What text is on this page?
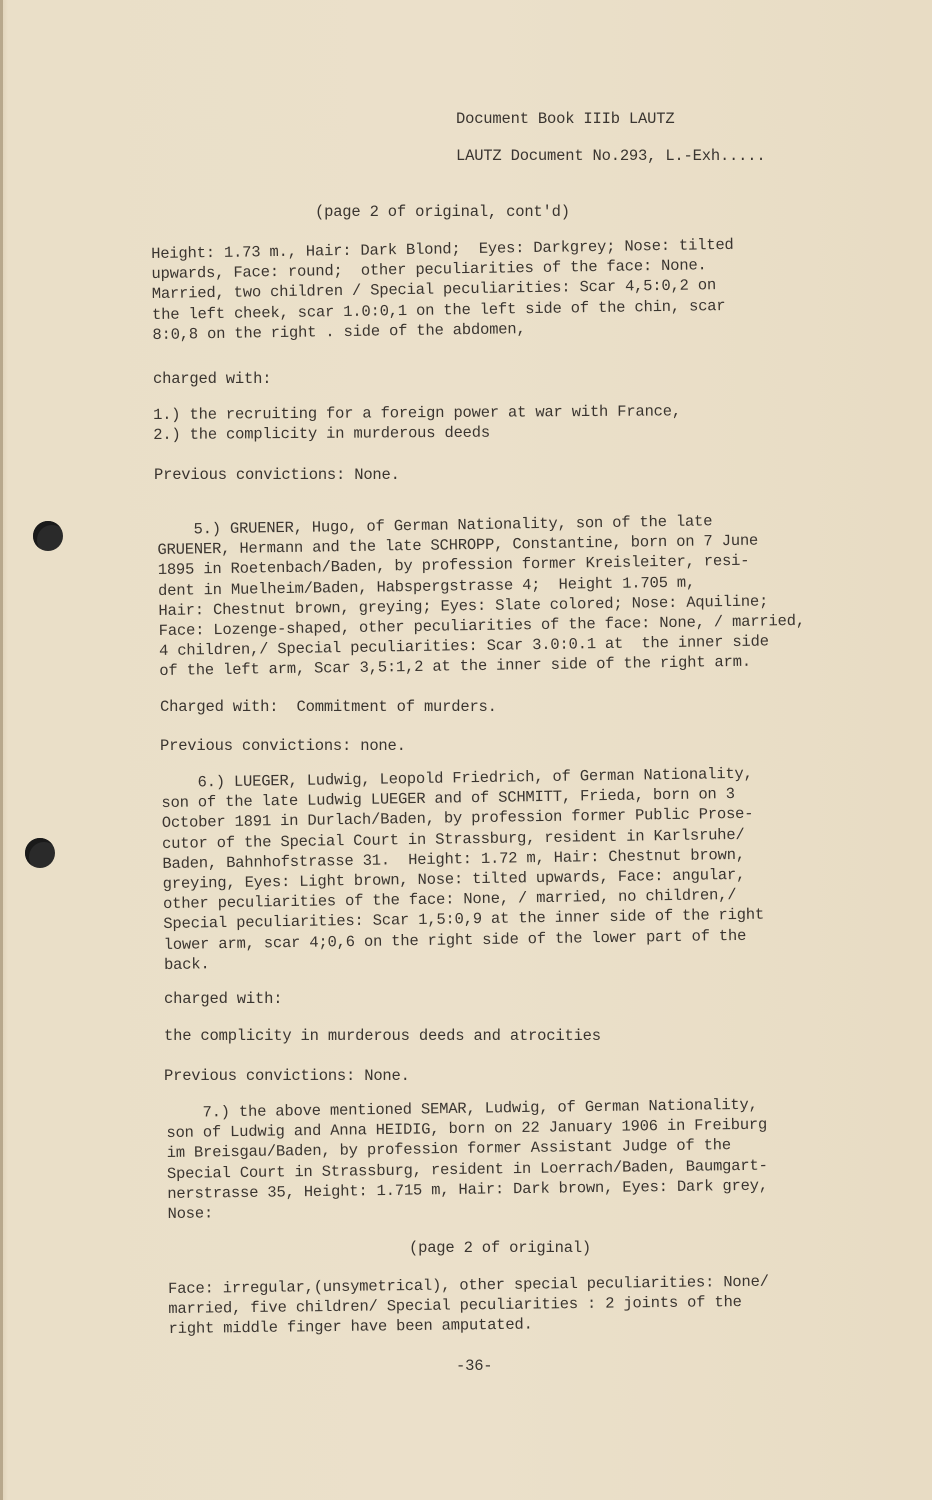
Document Book IIIb LAUTZ
LAUTZ Document No.293, L.-Exh.....
(page 2 of original, cont'd)
Height: 1.73 m., Hair: Dark Blond;  Eyes: Darkgrey; Nose: tilted
upwards, Face: round;  other peculiarities of the face: None.
Married, two children / Special peculiarities: Scar 4,5:0,2 on
the left cheek, scar 1.0:0,1 on the left side of the chin, scar
8:0,8 on the right . side of the abdomen,
charged with:
1.) the recruiting for a foreign power at war with France,
2.) the complicity in murderous deeds
Previous convictions: None.
5.) GRUENER, Hugo, of German Nationality, son of the late
GRUENER, Hermann and the late SCHROPP, Constantine, born on 7 June
1895 in Roetenbach/Baden, by profession former Kreisleiter, resi-
dent in Muelheim/Baden, Habspergstrasse 4;  Height 1.705 m,
Hair: Chestnut brown, greying; Eyes: Slate colored; Nose: Aquiline;
Face: Lozenge-shaped, other peculiarities of the face: None, / married,
4 children,/ Special peculiarities: Scar 3.0:0.1 at  the inner side
of the left arm, Scar 3,5:1,2 at the inner side of the right arm.
Charged with:  Commitment of murders.
Previous convictions: none.
6.) LUEGER, Ludwig, Leopold Friedrich, of German Nationality,
son of the late Ludwig LUEGER and of SCHMITT, Frieda, born on 3
October 1891 in Durlach/Baden, by profession former Public Prose-
cutor of the Special Court in Strassburg, resident in Karlsruhe/
Baden, Bahnhofstrasse 31.  Height: 1.72 m, Hair: Chestnut brown,
greying, Eyes: Light brown, Nose: tilted upwards, Face: angular,
other peculiarities of the face: None, / married, no children,/
Special peculiarities: Scar 1,5:0,9 at the inner side of the right
lower arm, scar 4;0,6 on the right side of the lower part of the
back.
charged with:
the complicity in murderous deeds and atrocities
Previous convictions: None.
7.) the above mentioned SEMAR, Ludwig, of German Nationality,
son of Ludwig and Anna HEIDIG, born on 22 January 1906 in Freiburg
im Breisgau/Baden, by profession former Assistant Judge of the
Special Court in Strassburg, resident in Loerrach/Baden, Baumgart-
nerstrasse 35, Height: 1.715 m, Hair: Dark brown, Eyes: Dark grey,
Nose:
(page 2 of original)
Face: irregular,(unsymetrical), other special peculiarities: None/
married, five children/ Special peculiarities : 2 joints of the
right middle finger have been amputated.
-36-
